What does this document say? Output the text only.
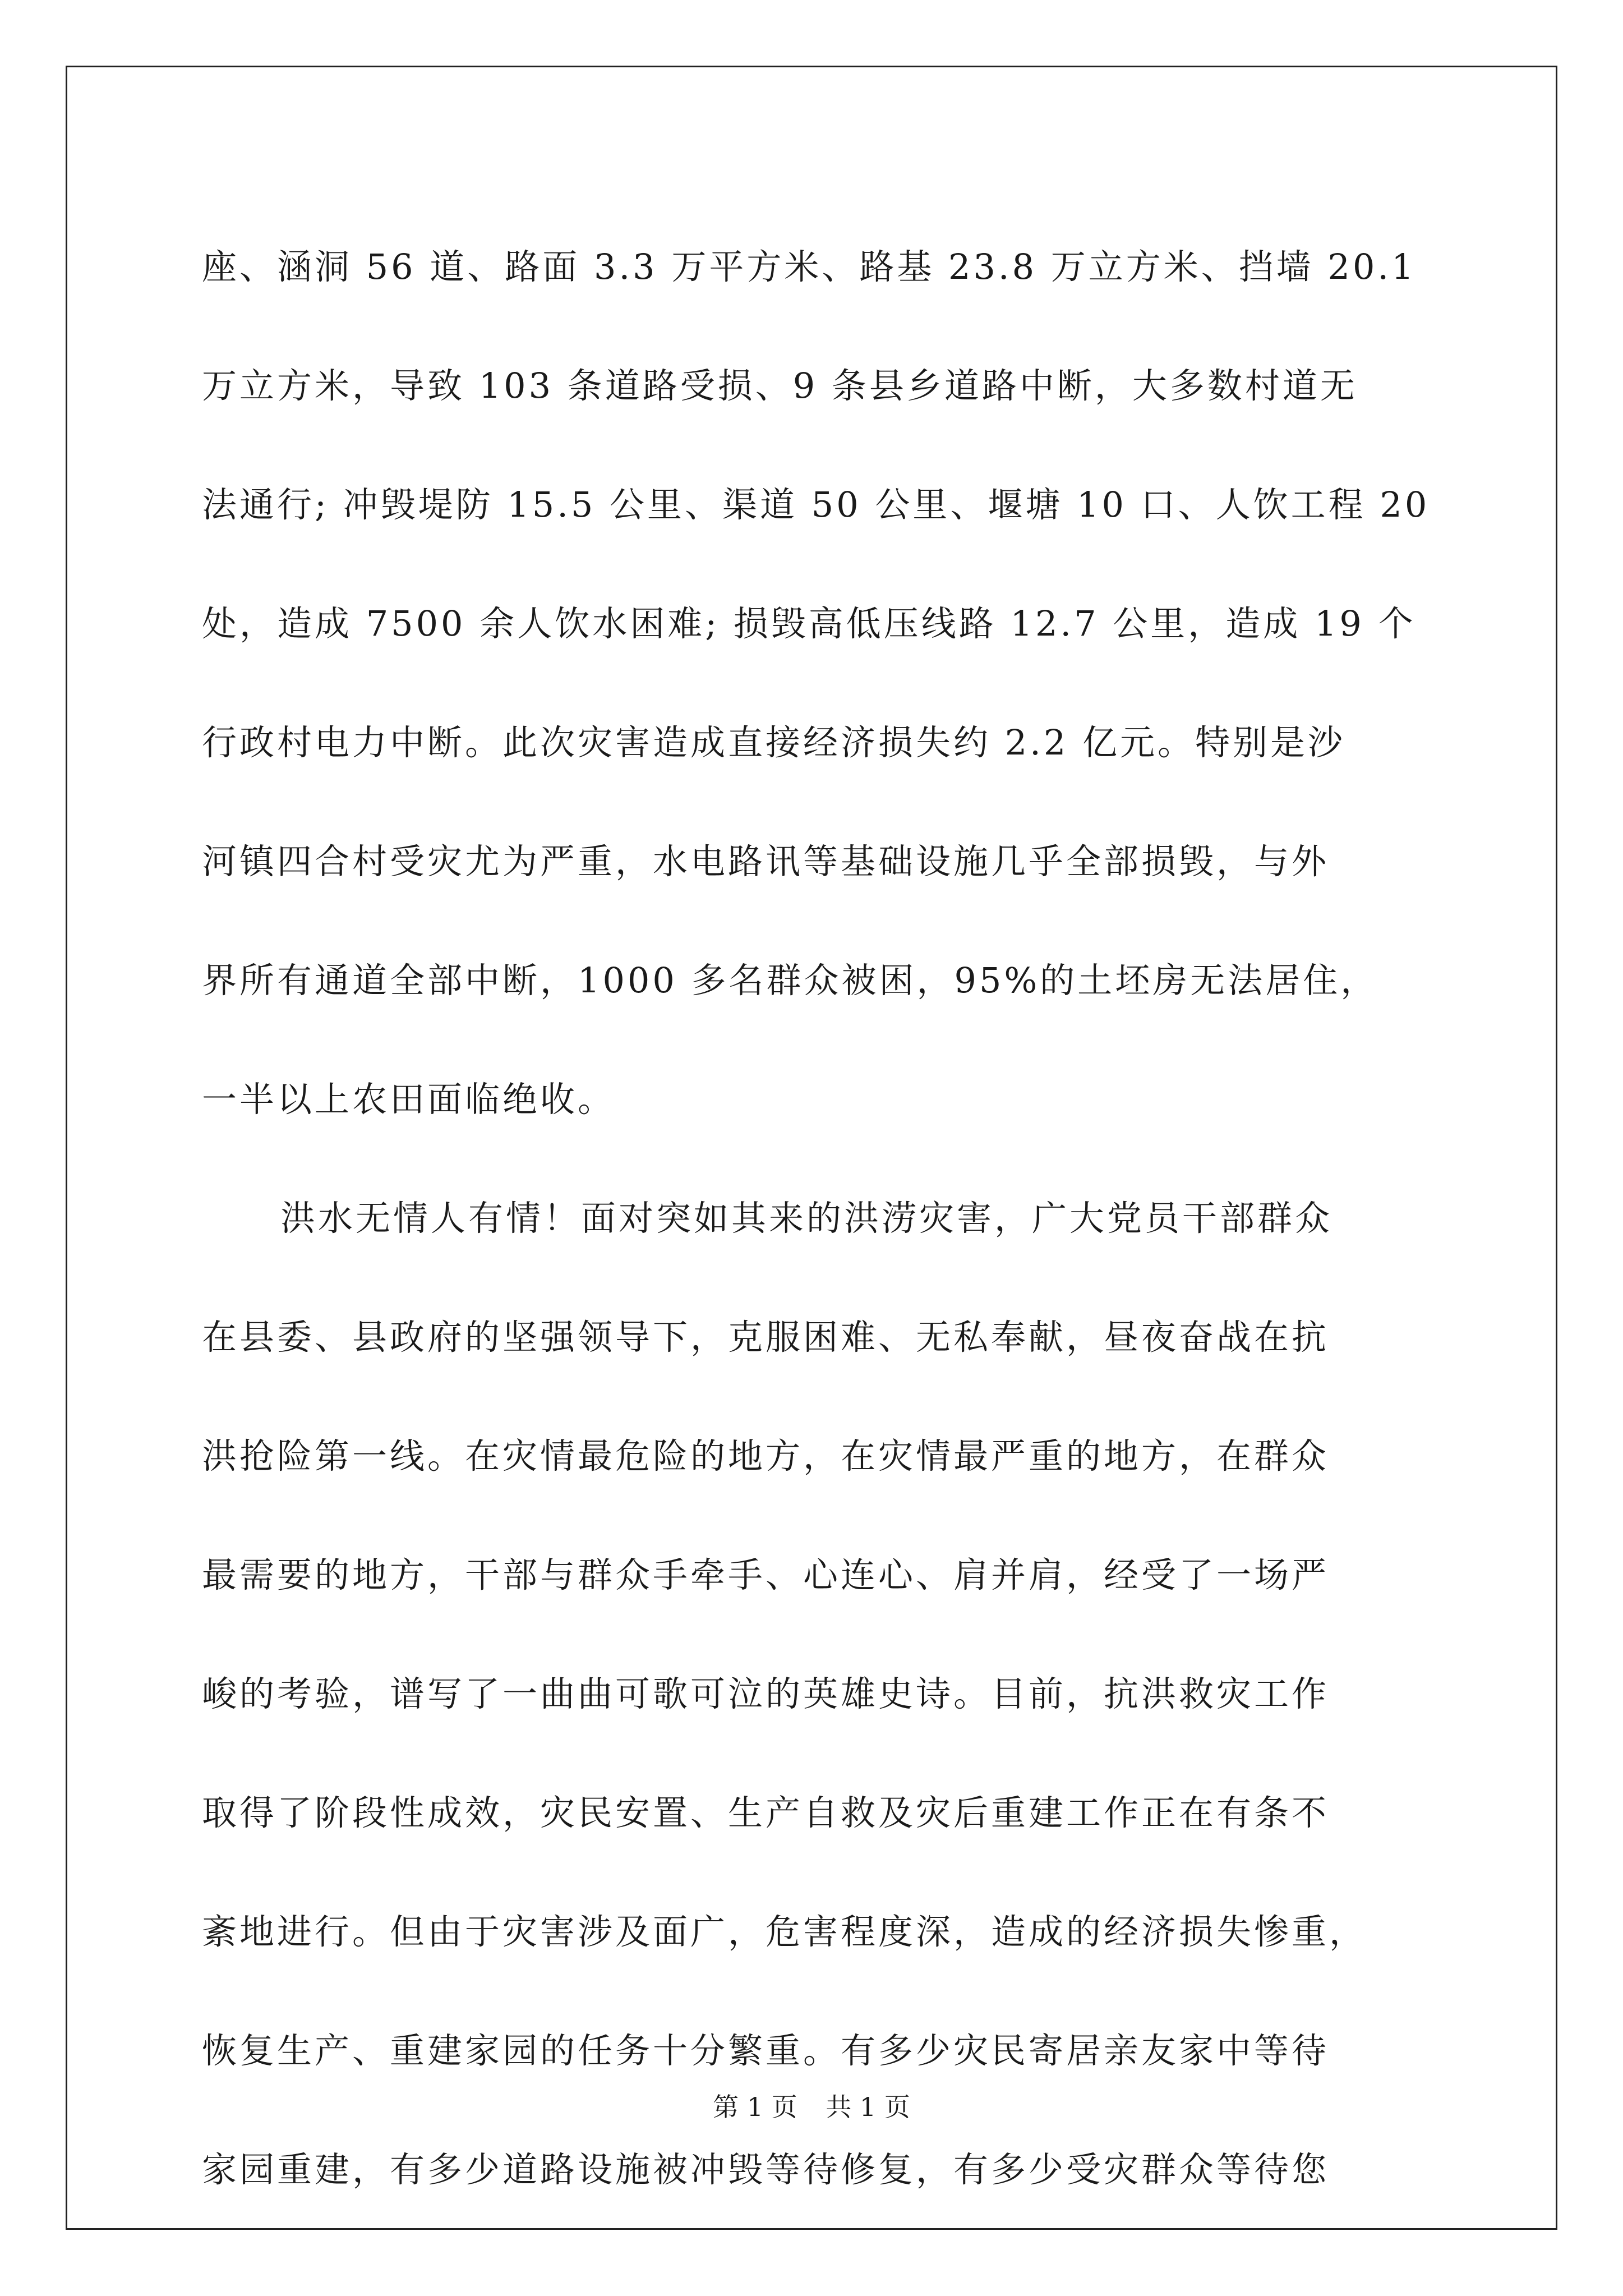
座、涵洞 56 道、路面 3.3 万平方米、路基 23.8 万立方米、挡墙 20.1
万立方米，导致 103 条道路受损、9 条县乡道路中断，大多数村道无
法通行; 冲毁堤防 15.5 公里、渠道 50 公里、堰塘 10 口、人饮工程 20
处，造成 7500 余人饮水困难; 损毁高低压线路 12.7 公里，造成 19 个
行政村电力中断。此次灾害造成直接经济损失约 2.2 亿元。特别是沙
河镇四合村受灾尤为严重，水电路讯等基础设施几乎全部损毁，与外
界所有通道全部中断，1000 多名群众被困，95%的土坯房无法居住，
一半以上农田面临绝收。

洪水无情人有情！面对突如其来的洪涝灾害，广大党员干部群众
在县委、县政府的坚强领导下，克服困难、无私奉献，昼夜奋战在抗
洪抢险第一线。在灾情最危险的地方，在灾情最严重的地方，在群众
最需要的地方，干部与群众手牵手、心连心、肩并肩，经受了一场严
峻的考验，谱写了一曲曲可歌可泣的英雄史诗。目前，抗洪救灾工作
取得了阶段性成效，灾民安置、生产自救及灾后重建工作正在有条不
紊地进行。但由于灾害涉及面广，危害程度深，造成的经济损失惨重，
恢复生产、重建家园的任务十分繁重。有多少灾民寄居亲友家中等待
家园重建，有多少道路设施被冲毁等待修复，有多少受灾群众等待您

第 1 页 共 1 页
